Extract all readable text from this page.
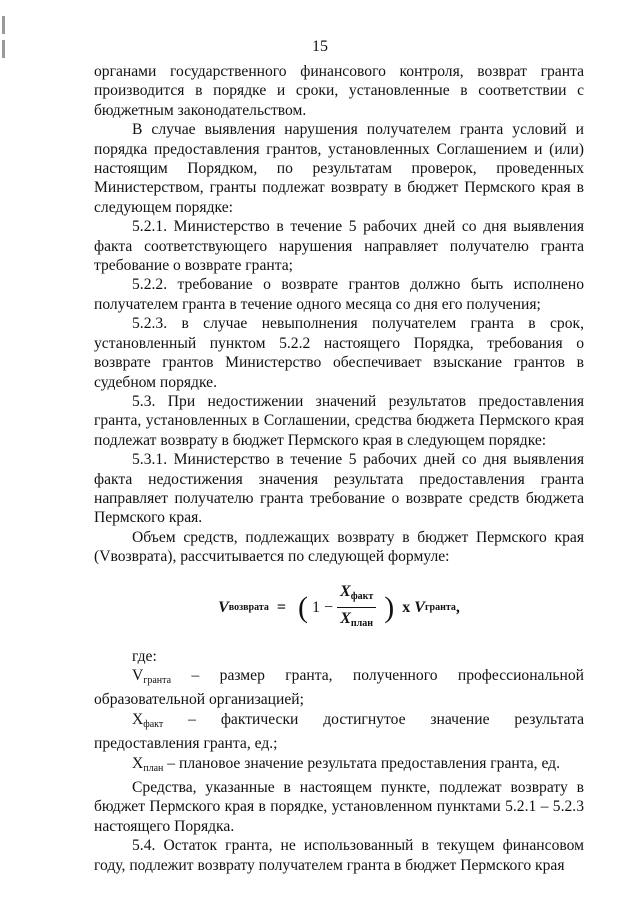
15

органами государственного финансового контроля, возврат гранта производится в порядке и сроки, установленные в соответствии с бюджетным законодательством.

В случае выявления нарушения получателем гранта условий и порядка предоставления грантов, установленных Соглашением и (или) настоящим Порядком, по результатам проверок, проведенных Министерством, гранты подлежат возврату в бюджет Пермского края в следующем порядке:

5.2.1. Министерство в течение 5 рабочих дней со дня выявления факта соответствующего нарушения направляет получателю гранта требование о возврате гранта;

5.2.2. требование о возврате грантов должно быть исполнено получателем гранта в течение одного месяца со дня его получения;

5.2.3. в случае невыполнения получателем гранта в срок, установленный пунктом 5.2.2 настоящего Порядка, требования о возврате грантов Министерство обеспечивает взыскание грантов в судебном порядке.

5.3. При недостижении значений результатов предоставления гранта, установленных в Соглашении, средства бюджета Пермского края подлежат возврату в бюджет Пермского края в следующем порядке:

5.3.1. Министерство в течение 5 рабочих дней со дня выявления факта недостижения значения результата предоставления гранта направляет получателю гранта требование о возврате средств бюджета Пермского края.

Объем средств, подлежащих возврату в бюджет Пермского края (Vвозврата), рассчитывается по следующей формуле:

V возврата = ( $1 - \frac{X_{факт}}{X_{план}}$ ) x V гранта ,

где:

$V_{гранта}$ – размер гранта, полученного профессиональной образовательной организацией;

$X_{факт}$ – фактически достигнутое значение результата предоставления гранта, ед.;

$X_{план}$ – плановое значение результата предоставления гранта, ед.

Средства, указанные в настоящем пункте, подлежат возврату в бюджет Пермского края в порядке, установленном пунктами 5.2.1 – 5.2.3 настоящего Порядка.

5.4. Остаток гранта, не использованный в текущем финансовом году, подлежит возврату получателем гранта в бюджет Пермского края
